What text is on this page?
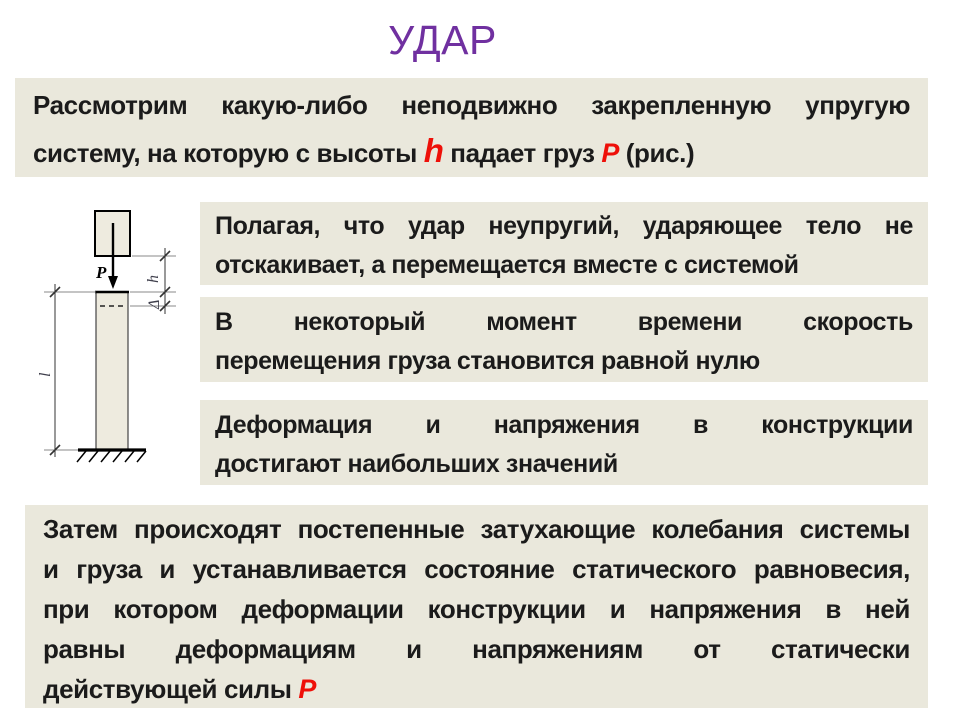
УДАР
Рассмотрим какую-либо неподвижно закрепленную упругую
систему, на которую с высоты h падает груз P (рис.)
P
l
h
Δ
Полагая, что удар неупругий, ударяющее тело не
отскакивает, а перемещается вместе с системой
В некоторый момент времени скорость
перемещения груза становится равной нулю
Деформация и напряжения в конструкции
достигают наибольших значений
Затем происходят постепенные затухающие колебания системы
и груза и устанавливается состояние статического равновесия,
при котором деформации конструкции и напряжения в ней
равны деформациям и напряжениям от статически
действующей силы P
